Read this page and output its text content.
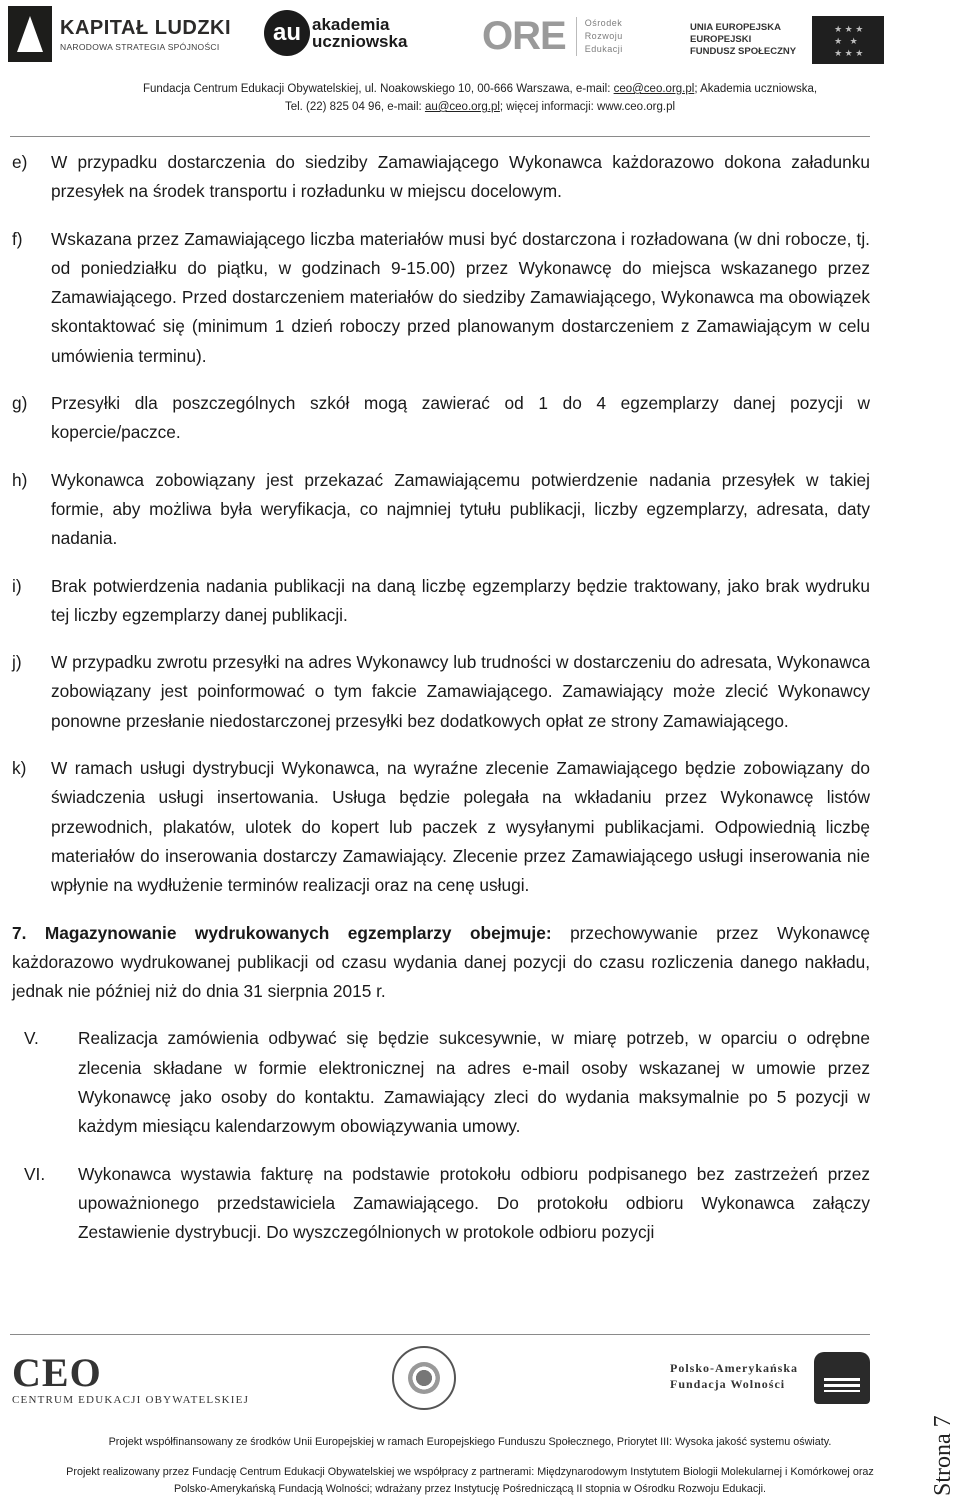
KAPITAŁ LUDZKI
NARODOWA STRATEGIA SPÓJNOŚCI
au akademia
uczniowska ORE Ośrodek
Rozwoju
Edukacji
UNIA EUROPEJSKA
EUROPEJSKI
FUNDUSZ SPOŁECZNY
★ ★ ★ ★ ★ ★ ★ ★
Fundacja Centrum Edukacji Obywatelskiej, ul. Noakowskiego 10, 00-666 Warszawa, e-mail: ceo@ceo.org.pl; Akademia uczniowska,
Tel. (22) 825 04 96, e-mail: au@ceo.org.pl; więcej informacji: www.ceo.org.pl
e) W przypadku dostarczenia do siedziby Zamawiającego Wykonawca każdorazowo dokona załadunku przesyłek na środek transportu i rozładunku w miejscu docelowym.
f) Wskazana przez Zamawiającego liczba materiałów musi być dostarczona i rozładowana (w dni robocze, tj. od poniedziałku do piątku, w godzinach 9-15.00) przez Wykonawcę do miejsca wskazanego przez Zamawiającego. Przed dostarczeniem materiałów do siedziby Zamawiającego, Wykonawca ma obowiązek skontaktować się (minimum 1 dzień roboczy przed planowanym dostarczeniem z Zamawiającym w celu umówienia terminu).
g) Przesyłki dla poszczególnych szkół mogą zawierać od 1 do 4 egzemplarzy danej pozycji w kopercie/paczce.
h) Wykonawca zobowiązany jest przekazać Zamawiającemu potwierdzenie nadania przesyłek w takiej formie, aby możliwa była weryfikacja, co najmniej tytułu publikacji, liczby egzemplarzy, adresata, daty nadania.
i) Brak potwierdzenia nadania publikacji na daną liczbę egzemplarzy będzie traktowany, jako brak wydruku tej liczby egzemplarzy danej publikacji.
j) W przypadku zwrotu przesyłki na adres Wykonawcy lub trudności w dostarczeniu do adresata, Wykonawca zobowiązany jest poinformować o tym fakcie Zamawiającego. Zamawiający może zlecić Wykonawcy ponowne przesłanie niedostarczonej przesyłki bez dodatkowych opłat ze strony Zamawiającego.
k) W ramach usługi dystrybucji Wykonawca, na wyraźne zlecenie Zamawiającego będzie zobowiązany do świadczenia usługi insertowania. Usługa będzie polegała na wkładaniu przez Wykonawcę listów przewodnich, plakatów, ulotek do kopert lub paczek z wysyłanymi publikacjami. Odpowiednią liczbę materiałów do inserowania dostarczy Zamawiający. Zlecenie przez Zamawiającego usługi inserowania nie wpłynie na wydłużenie terminów realizacji oraz na cenę usługi.
7. Magazynowanie wydrukowanych egzemplarzy obejmuje: przechowywanie przez Wykonawcę każdorazowo wydrukowanej publikacji od czasu wydania danej pozycji do czasu rozliczenia danego nakładu, jednak nie później niż do dnia 31 sierpnia 2015 r.
V. Realizacja zamówienia odbywać się będzie sukcesywnie, w miarę potrzeb, w oparciu o odrębne zlecenia składane w formie elektronicznej na adres e-mail osoby wskazanej w umowie przez Wykonawcę jako osoby do kontaktu. Zamawiający zleci do wydania maksymalnie po 5 pozycji w każdym miesiącu kalendarzowym obowiązywania umowy.
VI. Wykonawca wystawia fakturę na podstawie protokołu odbioru podpisanego bez zastrzeżeń przez upoważnionego przedstawiciela Zamawiającego. Do protokołu odbioru Wykonawca załączy Zestawienie dystrybucji. Do wyszczególnionych w protokole odbioru pozycji
CEO
CENTRUM EDUKACJI OBYWATELSKIEJ
Polsko-Amerykańska
Fundacja Wolności
Projekt współfinansowany ze środków Unii Europejskiej w ramach Europejskiego Funduszu Społecznego, Priorytet III: Wysoka jakość systemu oświaty.
Projekt realizowany przez Fundację Centrum Edukacji Obywatelskiej we współpracy z partnerami: Międzynarodowym Instytutem Biologii Molekularnej i Komórkowej oraz
Polsko-Amerykańską Fundacją Wolności; wdrażany przez Instytucję Pośredniczącą II stopnia w Ośrodku Rozwoju Edukacji.	Strona 7
